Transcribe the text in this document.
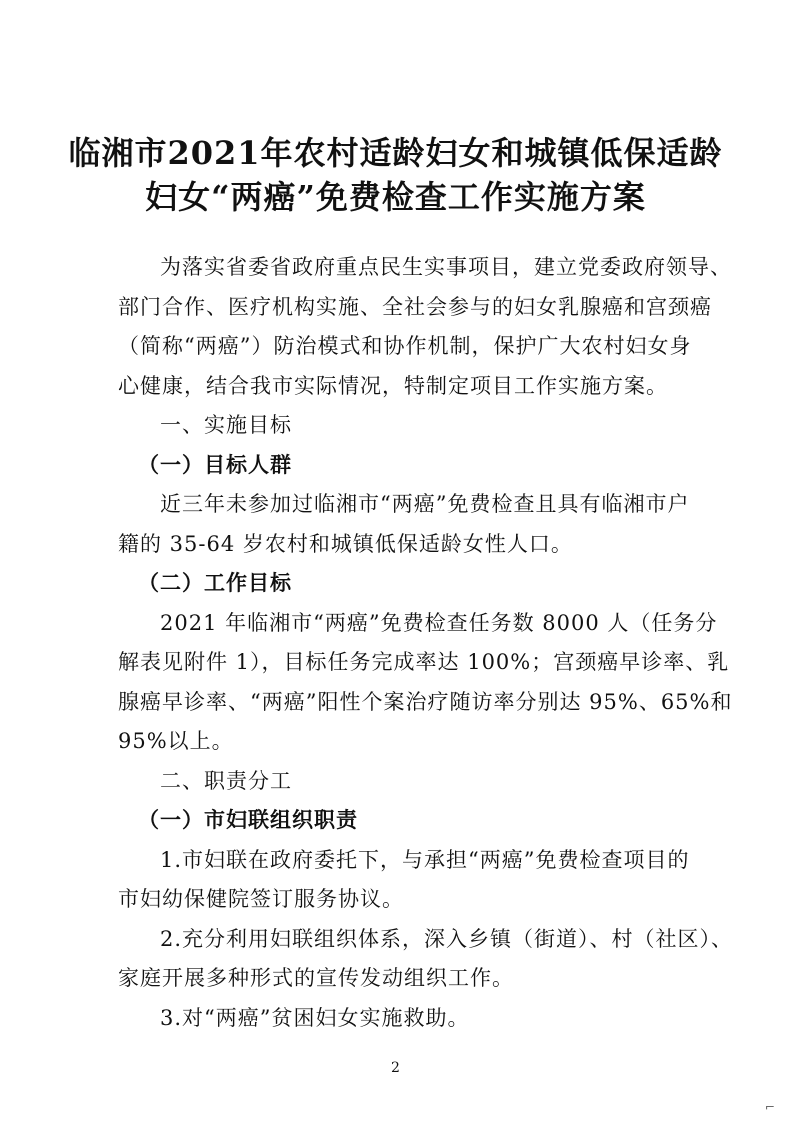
临湘市2021年农村适龄妇女和城镇低保适龄
妇女“两癌”免费检查工作实施方案
为落实省委省政府重点民生实事项目，建立党委政府领导、
部门合作、医疗机构实施、全社会参与的妇女乳腺癌和宫颈癌
（简称“两癌”）防治模式和协作机制，保护广大农村妇女身
心健康，结合我市实际情况，特制定项目工作实施方案。
一、实施目标
（一）目标人群
近三年未参加过临湘市“两癌”免费检查且具有临湘市户
籍的 35-64 岁农村和城镇低保适龄女性人口。
（二）工作目标
2021 年临湘市“两癌”免费检查任务数 8000 人（任务分
解表见附件 1），目标任务完成率达 100%；宫颈癌早诊率、乳
腺癌早诊率、“两癌”阳性个案治疗随访率分别达 95%、65%和
95%以上。
二、职责分工
（一）市妇联组织职责
1.市妇联在政府委托下，与承担“两癌”免费检查项目的
市妇幼保健院签订服务协议。
2.充分利用妇联组织体系，深入乡镇（街道）、村（社区）、
家庭开展多种形式的宣传发动组织工作。
3.对“两癌”贫困妇女实施救助。
2
⌐
